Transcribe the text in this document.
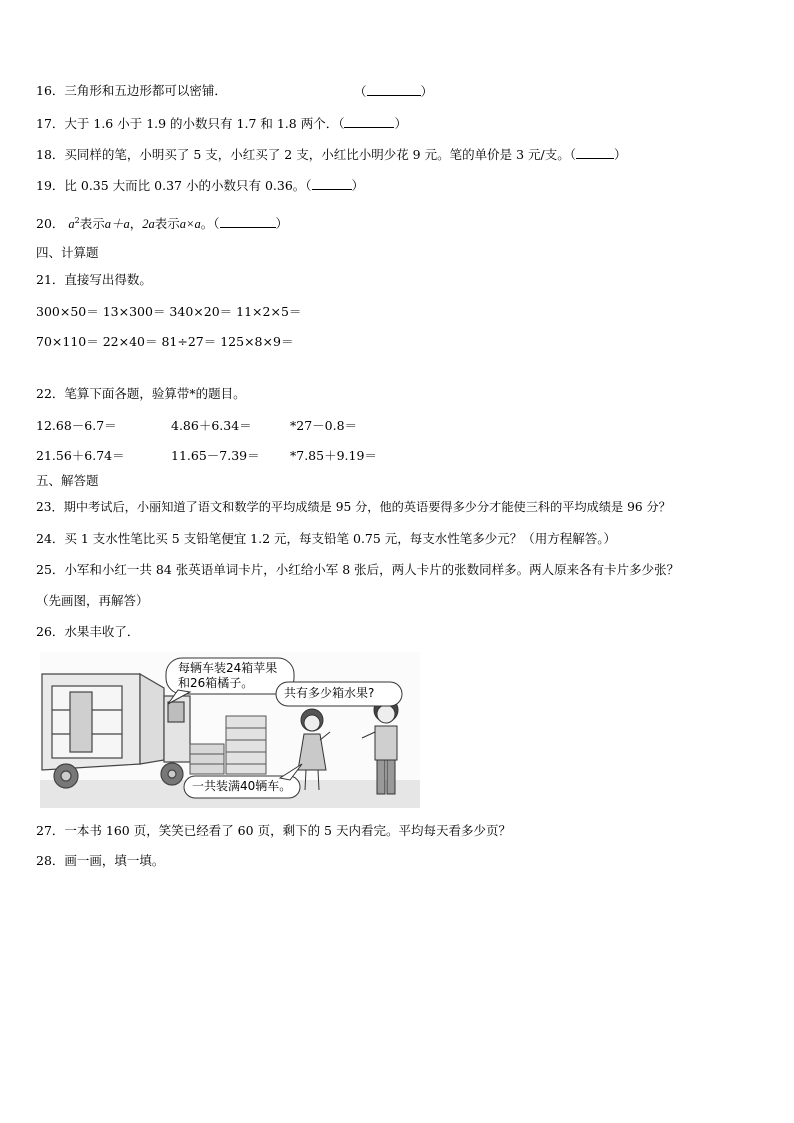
16．三角形和五边形都可以密铺．	（	）
17．大于 1.6 小于 1.9 的小数只有 1.7 和 1.8 两个．（	）
18．买同样的笔，小明买了 5 支，小红买了 2 支，小红比小明少花 9 元。笔的单价是 3 元/支。（	）
19．比 0.35 大而比 0.37 小的小数只有 0.36。（	）
20． $a^2$表示a＋a，2a表示a×a。（	）
四、计算题
21．直接写出得数。
300×50＝ 13×300＝ 340×20＝ 11×2×5＝
70×110＝ 22×40＝ 81÷27＝ 125×8×9＝
22．笔算下面各题，验算带*的题目。
12.68－6.7＝	4.86＋6.34＝	*27－0.8＝
21.56＋6.74＝	11.65－7.39＝ *7.85＋9.19＝
五、解答题
23．期中考试后，小丽知道了语文和数学的平均成绩是 95 分，他的英语要得多少分才能使三科的平均成绩是 96 分？
24．买 1 支水性笔比买 5 支铅笔便宜 1.2 元，每支铅笔 0.75 元，每支水性笔多少元？（用方程解答。）
25．小军和小红一共 84 张英语单词卡片，小红给小军 8 张后，两人卡片的张数同样多。两人原来各有卡片多少张？
（先画图，再解答）
26．水果丰收了．
每辆车装24箱苹果
和26箱橘子。
共有多少箱水果?
一共装满40辆车。
27．一本书 160 页，笑笑已经看了 60 页，剩下的 5 天内看完。平均每天看多少页？
28．画一画，填一填。
